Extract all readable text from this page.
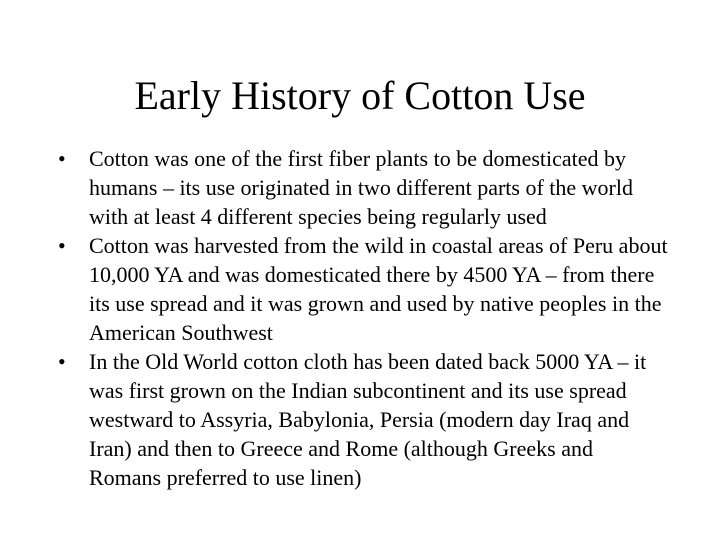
Early History of Cotton Use
•	Cotton was one of the first fiber plants to be domesticated by humans – its use originated in two different parts of the world with at least 4 different species being regularly used
•	Cotton was harvested from the wild in coastal areas of Peru about 10,000 YA and was domesticated there by 4500 YA – from there its use spread and it was grown and used by native peoples in the American Southwest
•	In the Old World cotton cloth has been dated back 5000 YA – it was first grown on the Indian subcontinent and its use spread westward to Assyria, Babylonia, Persia (modern day Iraq and Iran) and then to Greece and Rome (although Greeks and Romans preferred to use linen)
